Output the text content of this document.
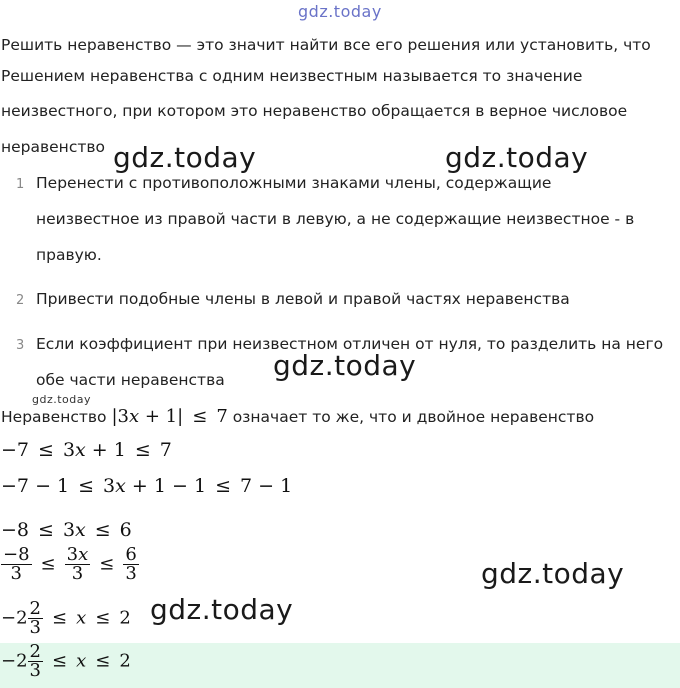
gdz.today
Решить неравенство — это значит найти все его решения или установить, что
Решением неравенства с одним неизвестным называется то значение
неизвестного, при котором это неравенство обращается в верное числовое
неравенство gdz.today	gdz.today
1 Перенести с противоположными знаками члены, содержащие
неизвестное из правой части в левую, а не содержащие неизвестное - в
правую.
2 Привести подобные члены в левой и правой частях неравенства
3 Если коэффициент при неизвестном отличен от нуля, то разделить на него
обе части неравенства gdz.today
gdz.today
Неравенство |3x + 1| ≤ 7 означает то же, что и двойное неравенство
−7 ≤ 3x + 1 ≤ 7
−7 − 1 ≤ 3x + 1 − 1 ≤ 7 − 1
−8 ≤ 3x ≤ 6
$\frac{-8}{3} \le \frac{3x}{3} \le \frac{6}{3}$	gdz.today
$-2 \frac{2}{3} \le x \le 2$ gdz.today
$-2 \frac{2}{3} \le x \le 2$
